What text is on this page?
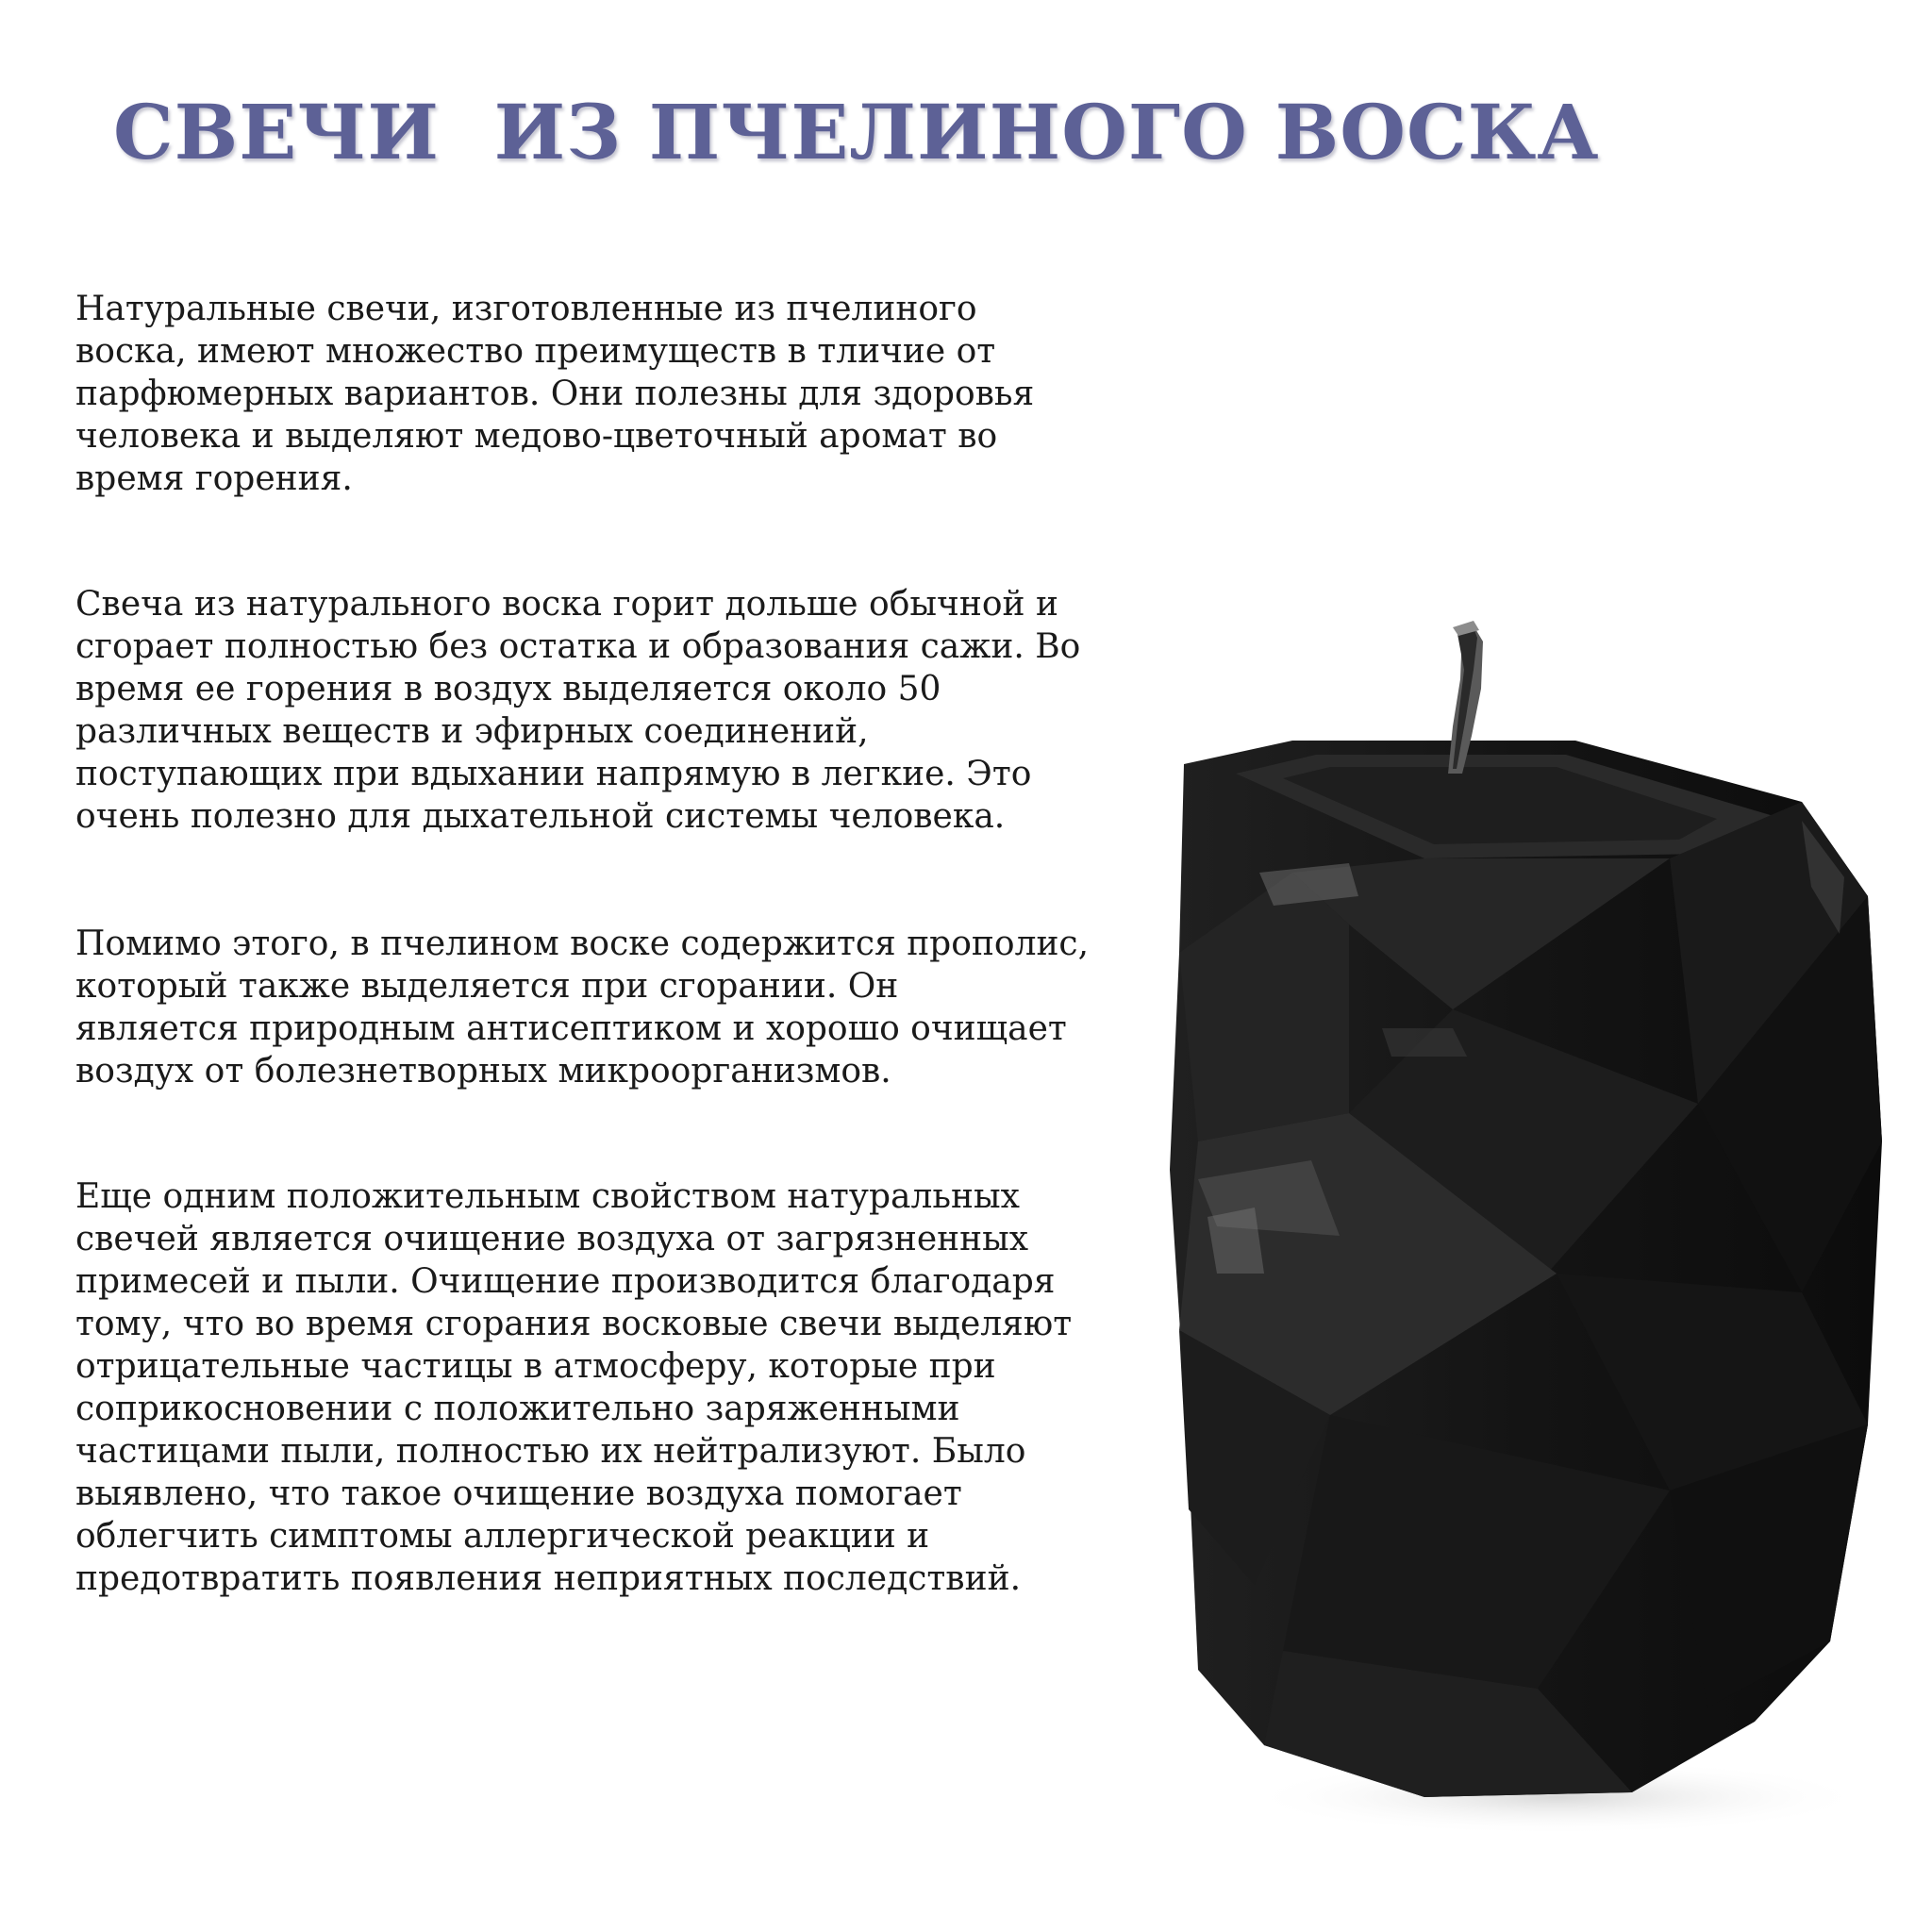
СВЕЧИ  ИЗ ПЧЕЛИНОГО ВОСКА

Натуральные свечи, изготовленные из пчелиного
воска, имеют множество преимуществ в тличие от
парфюмерных вариантов. Они полезны для здоровья
человека и выделяют медово-цветочный аромат во
время горения.

Свеча из натурального воска горит дольше обычной и
сгорает полностью без остатка и образования сажи. Во
время ее горения в воздух выделяется около 50
различных веществ и эфирных соединений,
поступающих при вдыхании напрямую в легкие. Это
очень полезно для дыхательной системы человека.

Помимо этого, в пчелином воске содержится прополис,
который также выделяется при сгорании. Он
является природным антисептиком и хорошо очищает
воздух от болезнетворных микроорганизмов.

Еще одним положительным свойством натуральных
свечей является очищение воздуха от загрязненных
примесей и пыли. Очищение производится благодаря
тому, что во время сгорания восковые свечи выделяют
отрицательные частицы в атмосферу, которые при
соприкосновении с положительно заряженными
частицами пыли, полностью их нейтрализуют. Было
выявлено, что такое очищение воздуха помогает
облегчить симптомы аллергической реакции и
предотвратить появления неприятных последствий.
